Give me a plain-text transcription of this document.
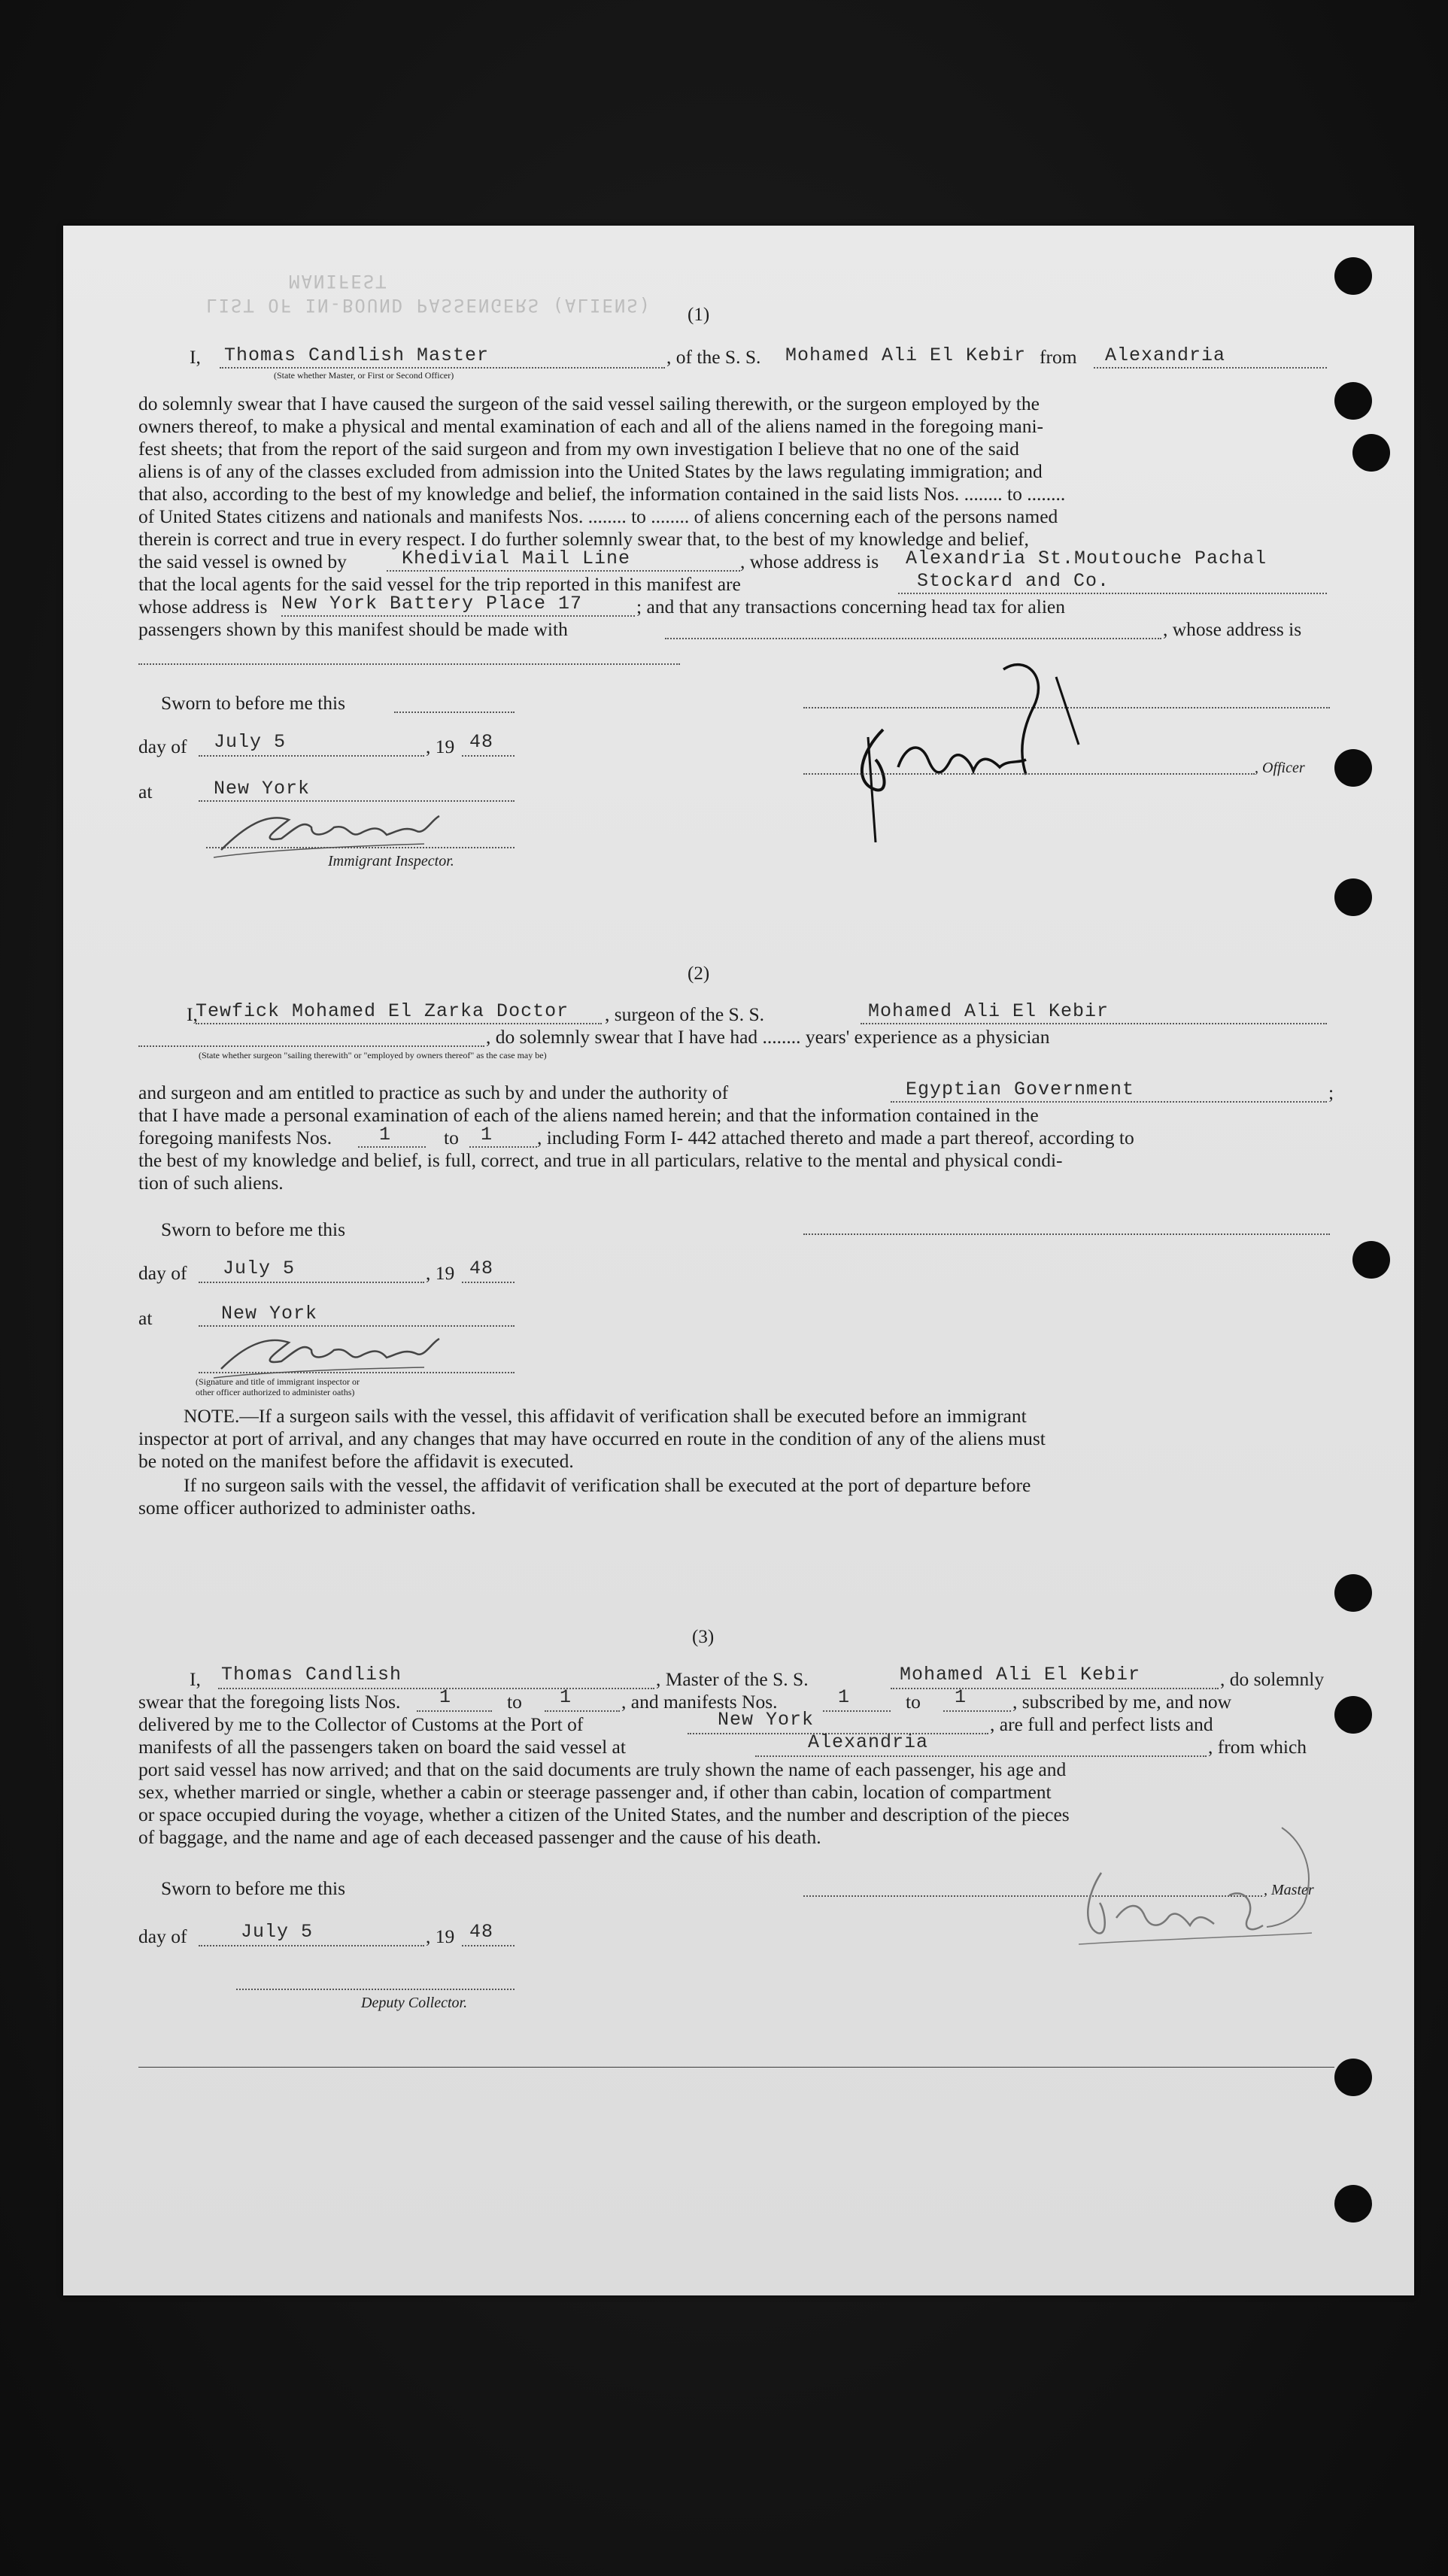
LIST OF IN-BOUND PASSENGERS (ALIENS)
MANIFEST
(1)
I, Thomas Candlish Master	, of the S. S. Mohamed Ali El Kebir from Alexandria
(State whether Master, or First or Second Officer)
do solemnly swear that I have caused the surgeon of the said vessel sailing therewith, or the surgeon employed by the
owners thereof, to make a physical and mental examination of each and all of the aliens named in the foregoing mani-
fest sheets; that from the report of the said surgeon and from my own investigation I believe that no one of the said
aliens is of any of the classes excluded from admission into the United States by the laws regulating immigration; and
that also, according to the best of my knowledge and belief, the information contained in the said lists Nos. ........ to ........
of United States citizens and nationals and manifests Nos. ........ to ........ of aliens concerning each of the persons named
therein is correct and true in every respect. I do further solemnly swear that, to the best of my knowledge and belief,
the said vessel is owned by	Khedivial Mail Line	, whose address is Alexandria St.Moutouche Pachal
that the local agents for the said vessel for the trip reported in this manifest are	Stockard and Co.
whose address is New York Battery Place 17	; and that any transactions concerning head tax for alien
passengers shown by this manifest should be made with	, whose address is
Sworn to before me this
day of July 5	, 19 48
at	New York
Immigrant Inspector.
, Officer
(2)
I,
Tewfick Mohamed El Zarka Doctor , surgeon of the S. S.	Mohamed Ali El Kebir
, do solemnly swear that I have had ........ years' experience as a physician
(State whether surgeon "sailing therewith" or "employed by owners thereof" as the case may be)
and surgeon and am entitled to practice as such by and under the authority of	Egyptian Government	;
that I have made a personal examination of each of the aliens named herein; and that the information contained in the
foregoing manifests Nos.	1	to 1 , including Form I- 442 attached thereto and made a part thereof, according to
the best of my knowledge and belief, is full, correct, and true in all particulars, relative to the mental and physical condi-
tion of such aliens.
Sworn to before me this
day of July 5	, 19 48
at	New York
(Signature and title of immigrant inspector or
other officer authorized to administer oaths)
NOTE.—If a surgeon sails with the vessel, this affidavit of verification shall be executed before an immigrant
inspector at port of arrival, and any changes that may have occurred en route in the condition of any of the aliens must
be noted on the manifest before the affidavit is executed.
If no surgeon sails with the vessel, the affidavit of verification shall be executed at the port of departure before
some officer authorized to administer oaths.
(3)
I, Thomas Candlish	, Master of the S. S.	Mohamed Ali El Kebir	, do solemnly
swear that the foregoing lists Nos. 1	to 1	, and manifests Nos.	1	to 1 , subscribed by me, and now
delivered by me to the Collector of Customs at the Port of	New York	, are full and perfect lists and
manifests of all the passengers taken on board the said vessel at	Alexandria	, from which
port said vessel has now arrived; and that on the said documents are truly shown the name of each passenger, his age and
sex, whether married or single, whether a cabin or steerage passenger and, if other than cabin, location of compartment
or space occupied during the voyage, whether a citizen of the United States, and the number and description of the pieces
of baggage, and the name and age of each deceased passenger and the cause of his death.
Sworn to before me this	, Master
day of	July 5	, 19 48
Deputy Collector.
